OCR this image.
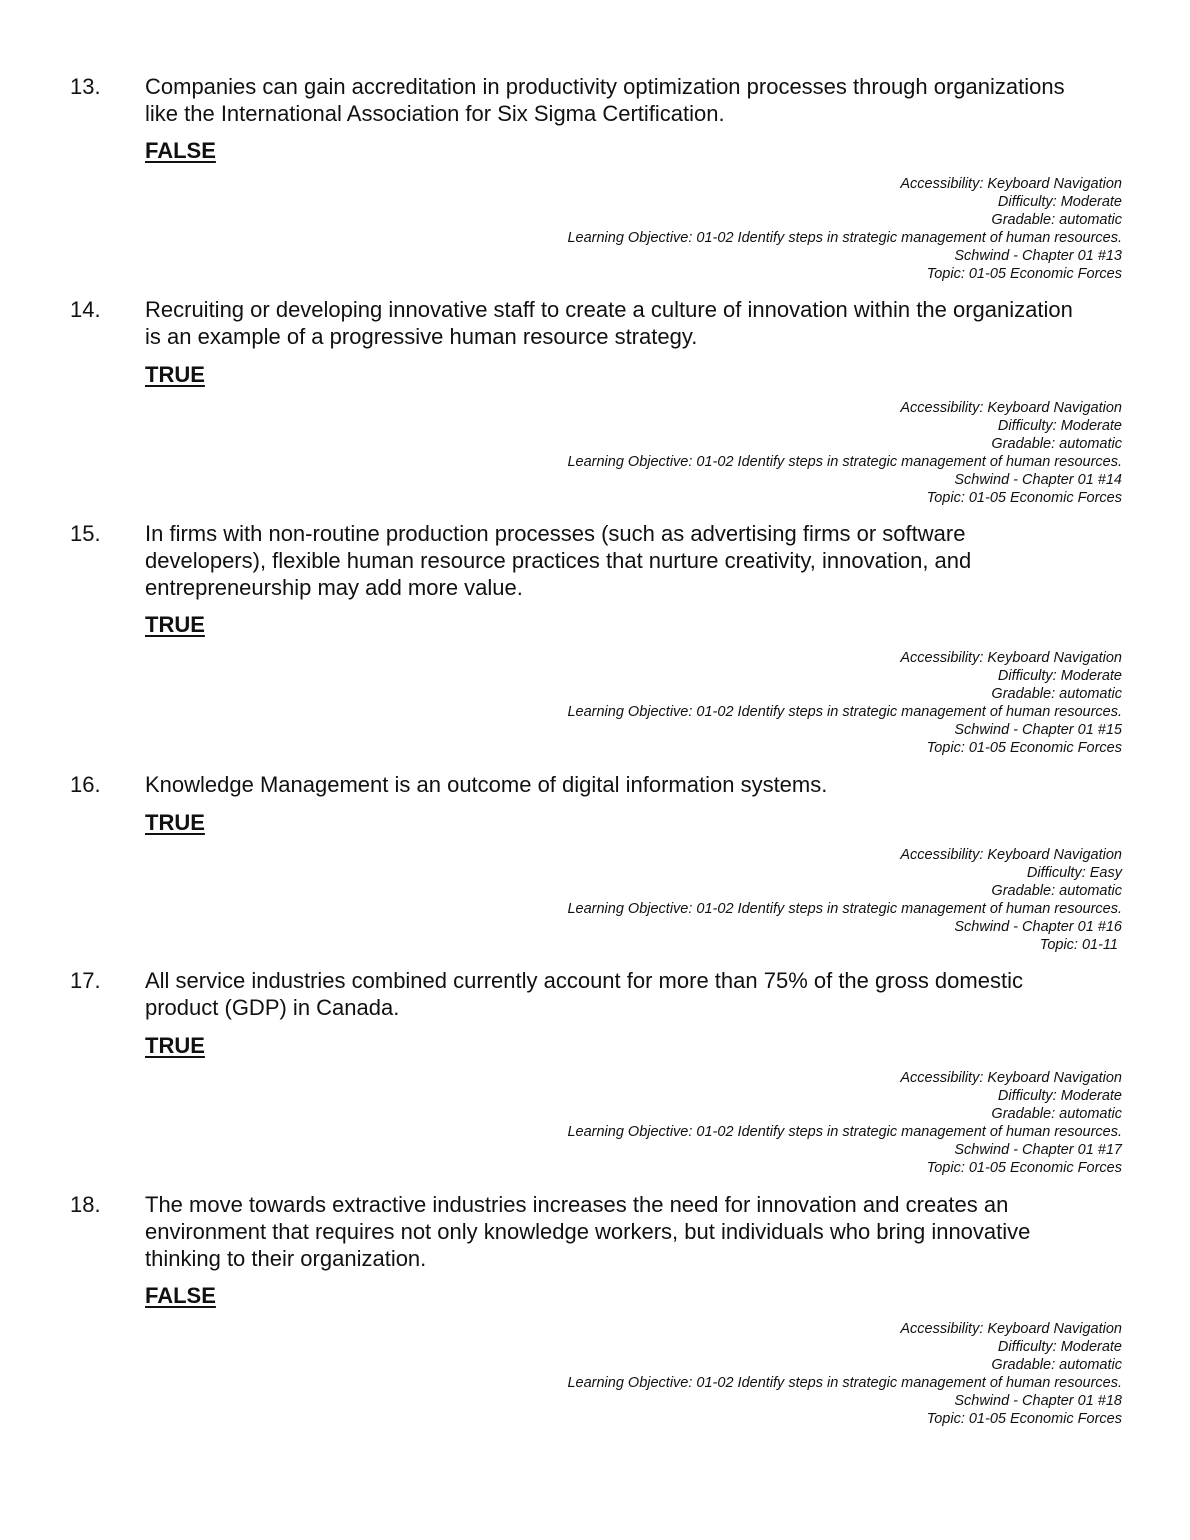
13. Companies can gain accreditation in productivity optimization processes through organizations
like the International Association for Six Sigma Certification.
FALSE
Accessibility: Keyboard Navigation
Difficulty: Moderate
Gradable: automatic
Learning Objective: 01-02 Identify steps in strategic management of human resources.
Schwind - Chapter 01 #13
Topic: 01-05 Economic Forces
14. Recruiting or developing innovative staff to create a culture of innovation within the organization
is an example of a progressive human resource strategy.
TRUE
Accessibility: Keyboard Navigation
Difficulty: Moderate
Gradable: automatic
Learning Objective: 01-02 Identify steps in strategic management of human resources.
Schwind - Chapter 01 #14
Topic: 01-05 Economic Forces
15. In firms with non-routine production processes (such as advertising firms or software
developers), flexible human resource practices that nurture creativity, innovation, and
entrepreneurship may add more value.
TRUE
Accessibility: Keyboard Navigation
Difficulty: Moderate
Gradable: automatic
Learning Objective: 01-02 Identify steps in strategic management of human resources.
Schwind - Chapter 01 #15
Topic: 01-05 Economic Forces
16. Knowledge Management is an outcome of digital information systems.
TRUE
Accessibility: Keyboard Navigation
Difficulty: Easy
Gradable: automatic
Learning Objective: 01-02 Identify steps in strategic management of human resources.
Schwind - Chapter 01 #16
Topic: 01-11
17. All service industries combined currently account for more than 75% of the gross domestic
product (GDP) in Canada.
TRUE
Accessibility: Keyboard Navigation
Difficulty: Moderate
Gradable: automatic
Learning Objective: 01-02 Identify steps in strategic management of human resources.
Schwind - Chapter 01 #17
Topic: 01-05 Economic Forces
18. The move towards extractive industries increases the need for innovation and creates an
environment that requires not only knowledge workers, but individuals who bring innovative
thinking to their organization.
FALSE
Accessibility: Keyboard Navigation
Difficulty: Moderate
Gradable: automatic
Learning Objective: 01-02 Identify steps in strategic management of human resources.
Schwind - Chapter 01 #18
Topic: 01-05 Economic Forces
